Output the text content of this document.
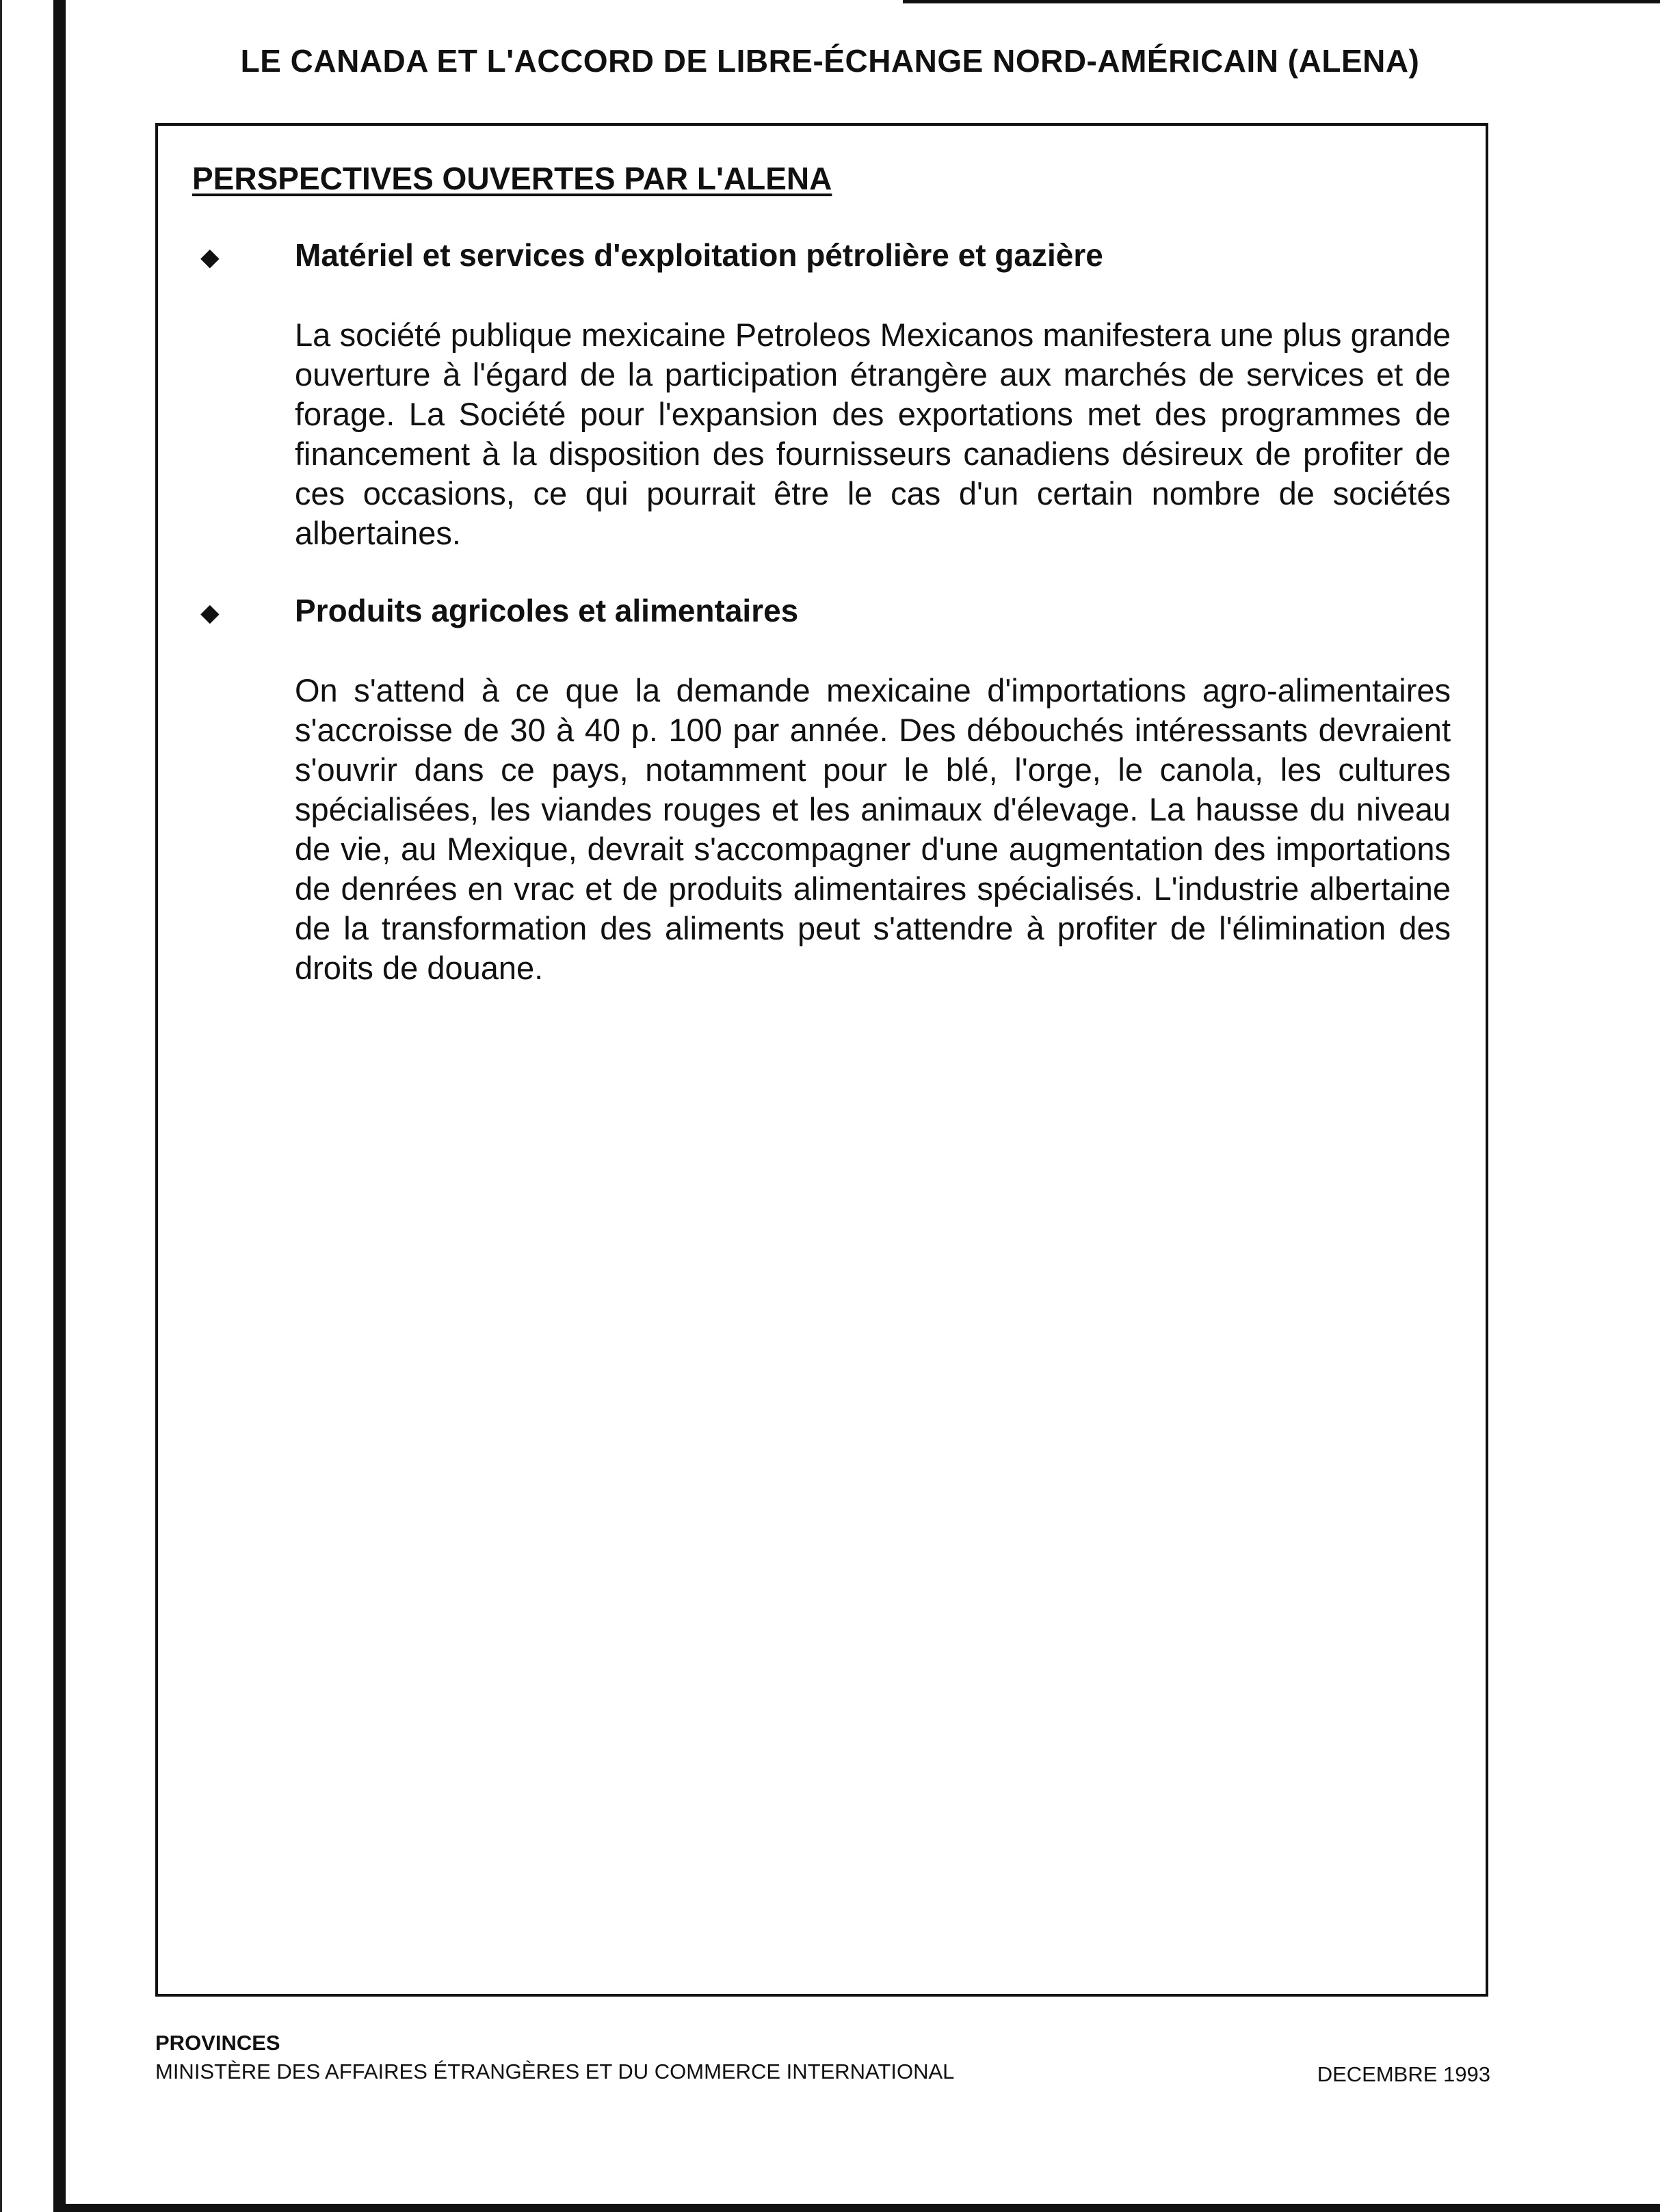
LE CANADA ET L'ACCORD DE LIBRE-ÉCHANGE NORD-AMÉRICAIN (ALENA)
PERSPECTIVES OUVERTES PAR L'ALENA
◆ Matériel et services d'exploitation pétrolière et gazière

La société publique mexicaine Petroleos Mexicanos manifestera une plus grande ouverture à l'égard de la participation étrangère aux marchés de services et de forage. La Société pour l'expansion des exportations met des programmes de financement à la disposition des fournisseurs canadiens désireux de profiter de ces occasions, ce qui pourrait être le cas d'un certain nombre de sociétés albertaines.

◆ Produits agricoles et alimentaires

On s'attend à ce que la demande mexicaine d'importations agro-alimentaires s'accroisse de 30 à 40 p. 100 par année. Des débouchés intéressants devraient s'ouvrir dans ce pays, notamment pour le blé, l'orge, le canola, les cultures spécialisées, les viandes rouges et les animaux d'élevage. La hausse du niveau de vie, au Mexique, devrait s'accompagner d'une augmentation des importations de denrées en vrac et de produits alimentaires spécialisés. L'industrie albertaine de la transformation des aliments peut s'attendre à profiter de l'élimination des droits de douane.

PROVINCES
MINISTÈRE DES AFFAIRES ÉTRANGÈRES ET DU COMMERCE INTERNATIONAL	DECEMBRE 1993
